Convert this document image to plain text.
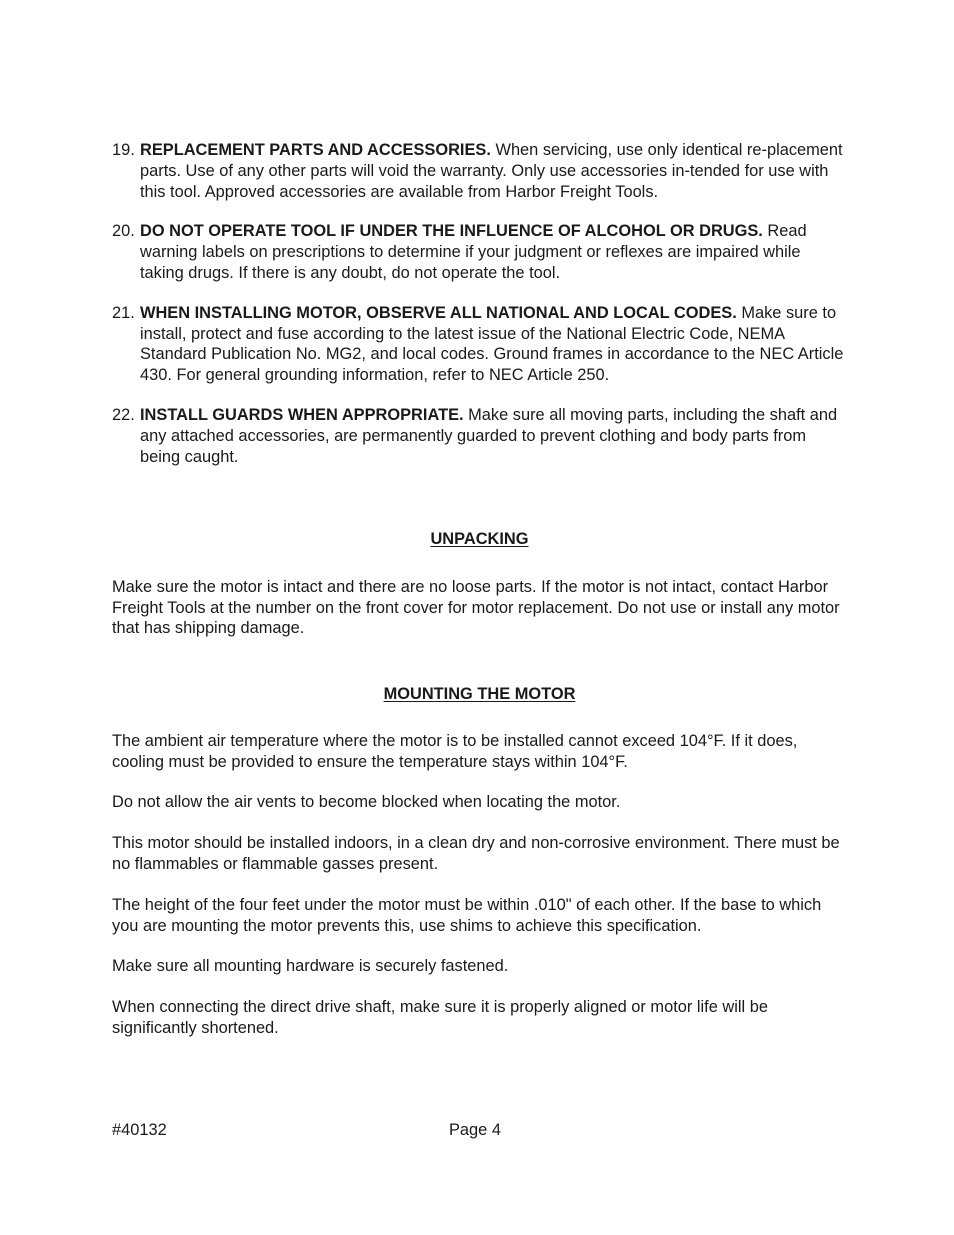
19. REPLACEMENT PARTS AND ACCESSORIES. When servicing, use only identical re-placement parts. Use of any other parts will void the warranty. Only use accessories in-tended for use with this tool. Approved accessories are available from Harbor Freight Tools.
20. DO NOT OPERATE TOOL IF UNDER THE INFLUENCE OF ALCOHOL OR DRUGS. Read warning labels on prescriptions to determine if your judgment or reflexes are impaired while taking drugs. If there is any doubt, do not operate the tool.
21. WHEN INSTALLING MOTOR, OBSERVE ALL NATIONAL AND LOCAL CODES. Make sure to install, protect and fuse according to the latest issue of the National Electric Code, NEMA Standard Publication No. MG2, and local codes. Ground frames in accordance to the NEC Article 430. For general grounding information, refer to NEC Article 250.
22. INSTALL GUARDS WHEN APPROPRIATE. Make sure all moving parts, including the shaft and any attached accessories, are permanently guarded to prevent clothing and body parts from being caught.
UNPACKING

Make sure the motor is intact and there are no loose parts. If the motor is not intact, contact Harbor Freight Tools at the number on the front cover for motor replacement. Do not use or install any motor that has shipping damage.

MOUNTING THE MOTOR

The ambient air temperature where the motor is to be installed cannot exceed 104°F. If it does, cooling must be provided to ensure the temperature stays within 104°F.

Do not allow the air vents to become blocked when locating the motor.

This motor should be installed indoors, in a clean dry and non-corrosive environment. There must be no flammables or flammable gasses present.

The height of the four feet under the motor must be within .010" of each other. If the base to which you are mounting the motor prevents this, use shims to achieve this specification.

Make sure all mounting hardware is securely fastened.

When connecting the direct drive shaft, make sure it is properly aligned or motor life will be significantly shortened.

#40132	Page 4
